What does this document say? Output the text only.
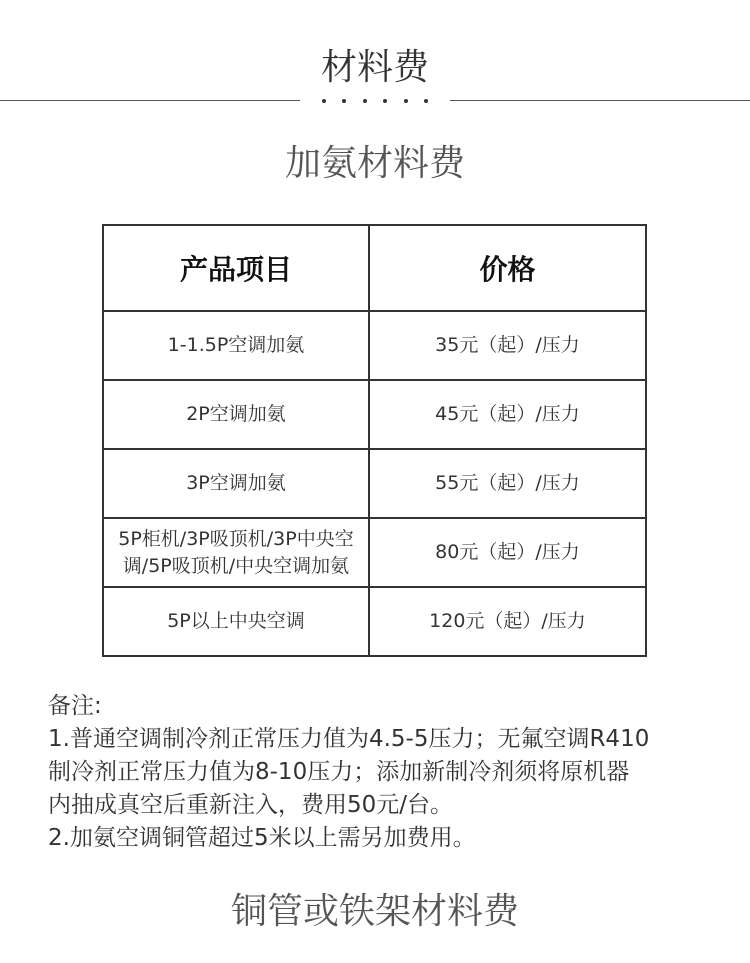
材料费
加氨材料费
产品项目	价格
1-1.5P空调加氨	35元（起）/压力
2P空调加氨	45元（起）/压力
3P空调加氨	55元（起）/压力
5P柜机/3P吸顶机/3P中央空调/5P吸顶机/中央空调加氨	80元（起）/压力
5P以上中央空调	120元（起）/压力
备注:
1.普通空调制冷剂正常压力值为4.5-5压力；无氟空调R410
制冷剂正常压力值为8-10压力；添加新制冷剂须将原机器
内抽成真空后重新注入，费用50元/台。
2.加氨空调铜管超过5米以上需另加费用。
铜管或铁架材料费
